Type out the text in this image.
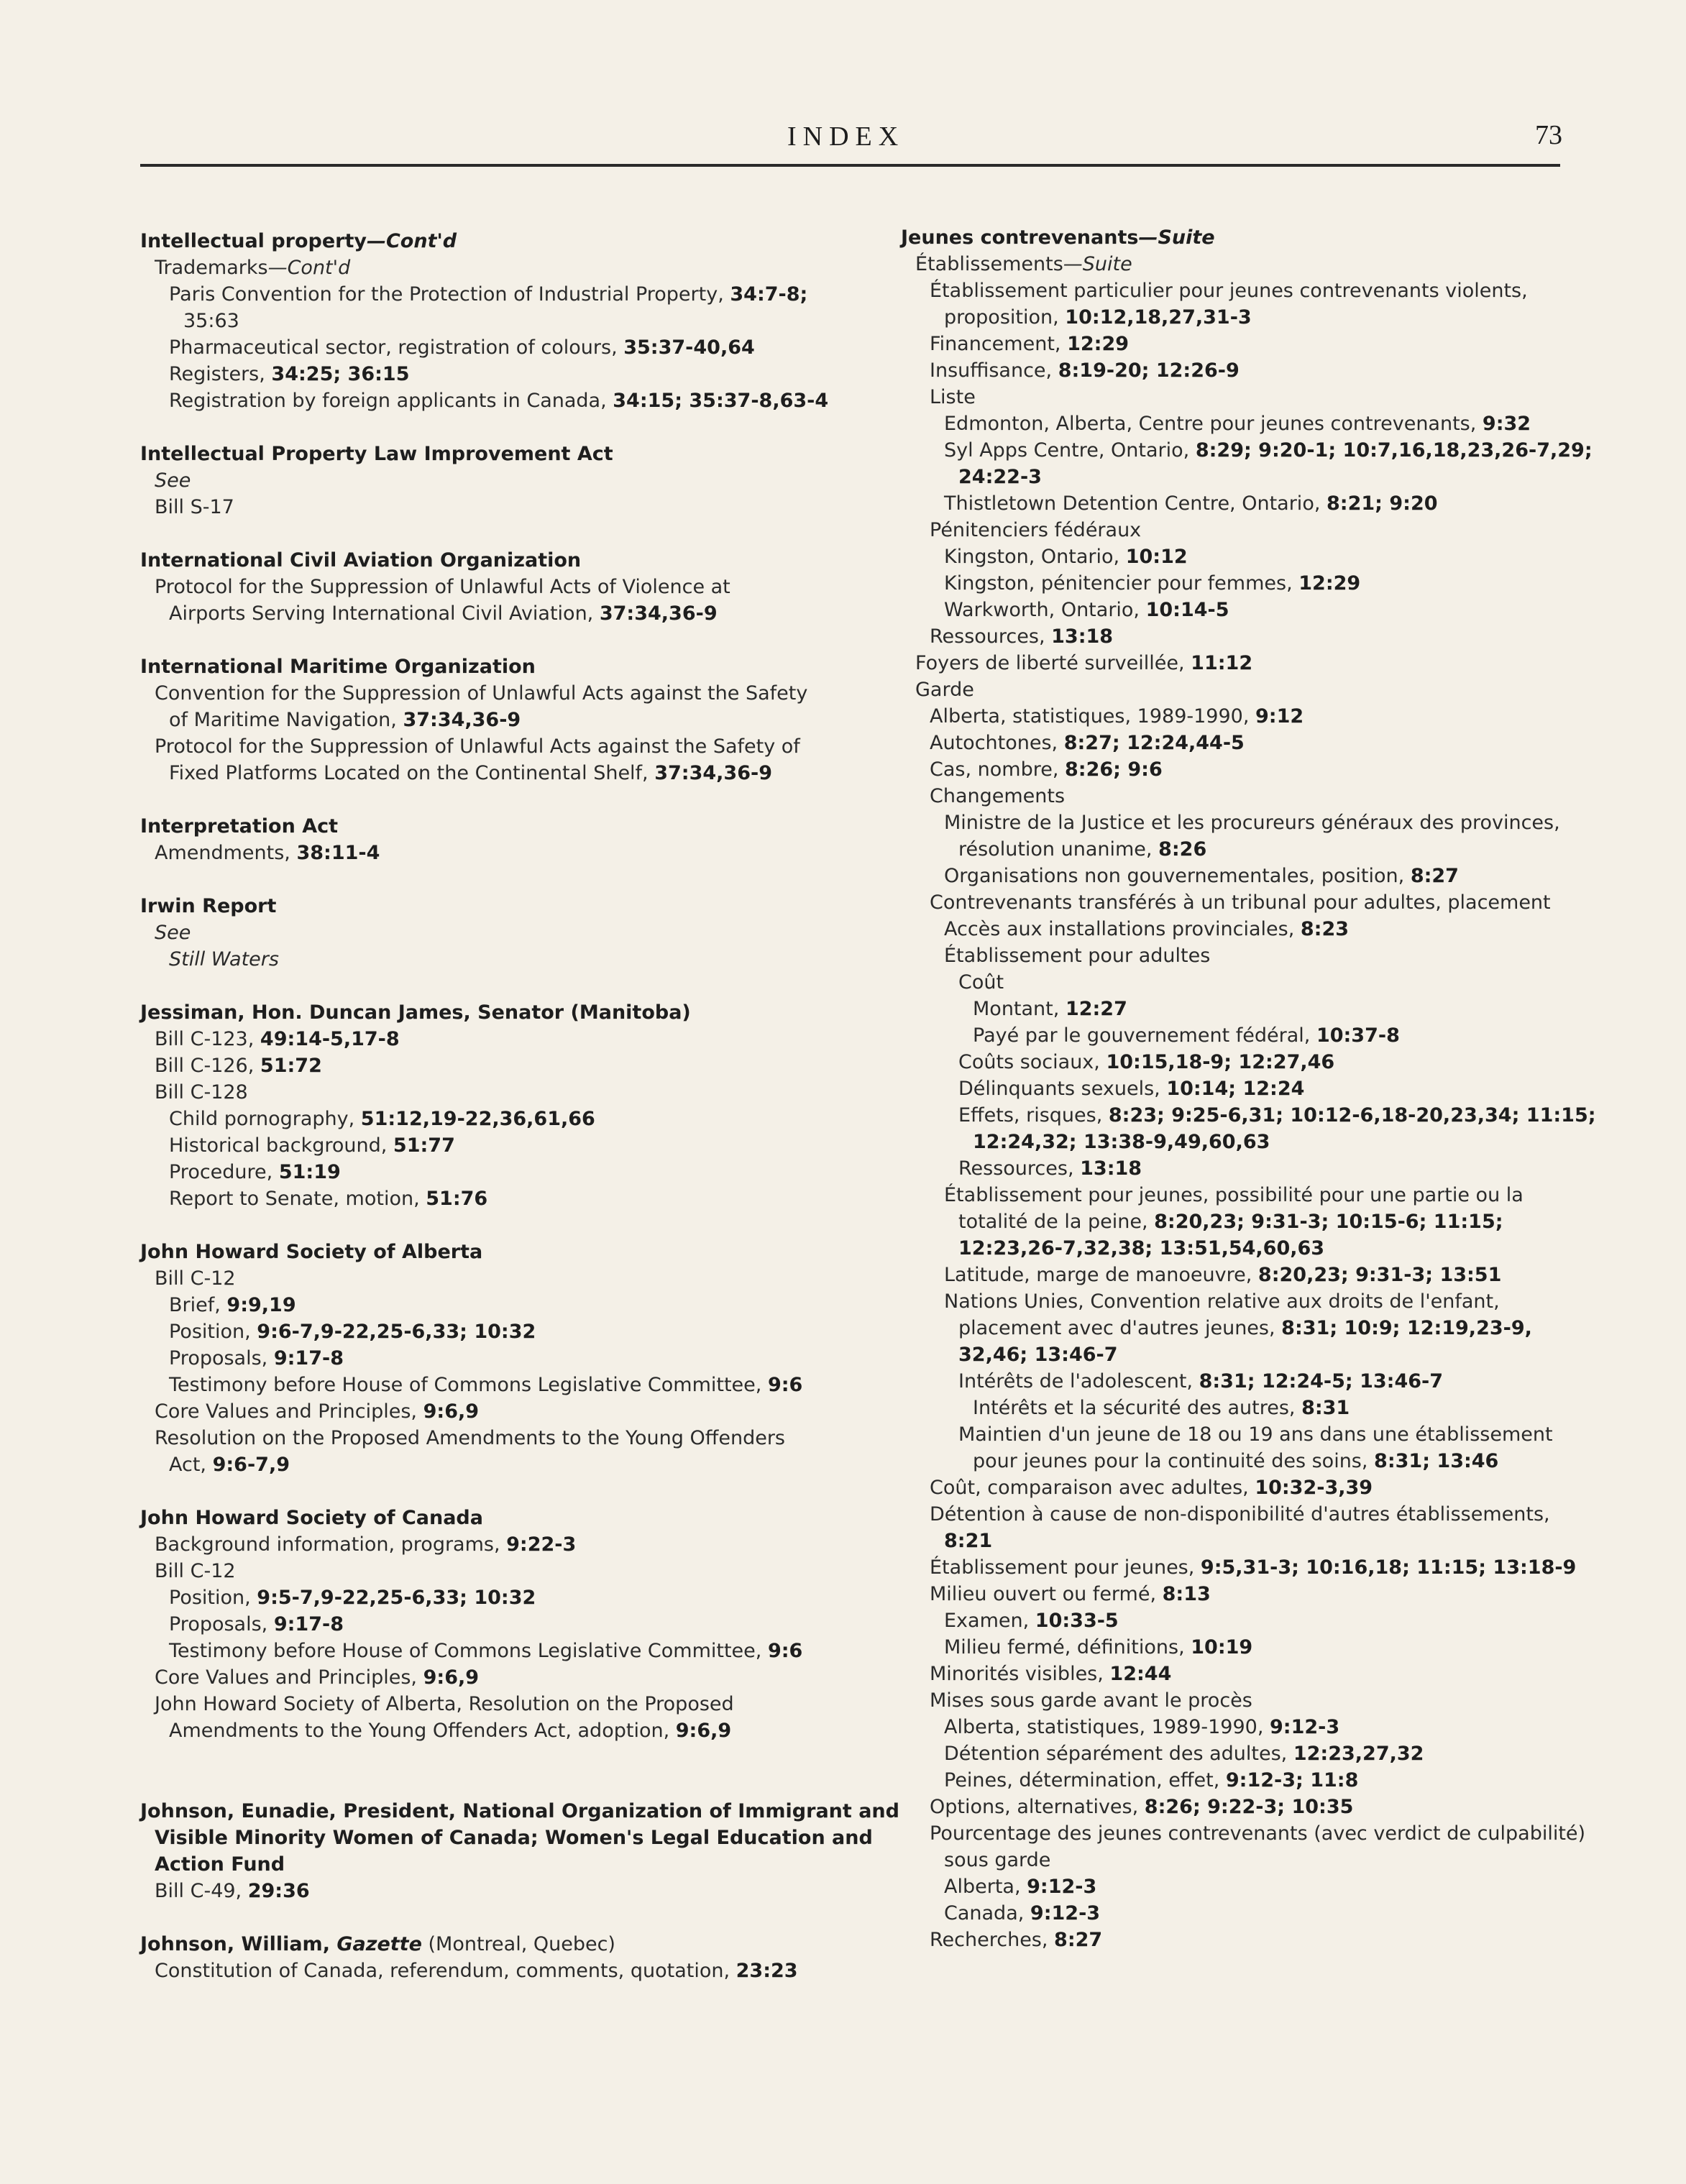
INDEX	73
Intellectual property—Cont'd
Trademarks—Cont'd
Paris Convention for the Protection of Industrial Property, 34:7-8;
35:63
Pharmaceutical sector, registration of colours, 35:37-40,64
Registers, 34:25; 36:15
Registration by foreign applicants in Canada, 34:15; 35:37-8,63-4
Intellectual Property Law Improvement Act
See
Bill S-17
International Civil Aviation Organization
Protocol for the Suppression of Unlawful Acts of Violence at
Airports Serving International Civil Aviation, 37:34,36-9
International Maritime Organization
Convention for the Suppression of Unlawful Acts against the Safety
of Maritime Navigation, 37:34,36-9
Protocol for the Suppression of Unlawful Acts against the Safety of
Fixed Platforms Located on the Continental Shelf, 37:34,36-9
Interpretation Act
Amendments, 38:11-4
Irwin Report
See
Still Waters
Jessiman, Hon. Duncan James, Senator (Manitoba)
Bill C-123, 49:14-5,17-8
Bill C-126, 51:72
Bill C-128
Child pornography, 51:12,19-22,36,61,66
Historical background, 51:77
Procedure, 51:19
Report to Senate, motion, 51:76
John Howard Society of Alberta
Bill C-12
Brief, 9:9,19
Position, 9:6-7,9-22,25-6,33; 10:32
Proposals, 9:17-8
Testimony before House of Commons Legislative Committee, 9:6
Core Values and Principles, 9:6,9
Resolution on the Proposed Amendments to the Young Offenders
Act, 9:6-7,9
John Howard Society of Canada
Background information, programs, 9:22-3
Bill C-12
Position, 9:5-7,9-22,25-6,33; 10:32
Proposals, 9:17-8
Testimony before House of Commons Legislative Committee, 9:6
Core Values and Principles, 9:6,9
John Howard Society of Alberta, Resolution on the Proposed
Amendments to the Young Offenders Act, adoption, 9:6,9
Johnson, Eunadie, President, National Organization of Immigrant and
Visible Minority Women of Canada; Women's Legal Education and
Action Fund
Bill C-49, 29:36
Johnson, William, Gazette (Montreal, Quebec)
Constitution of Canada, referendum, comments, quotation, 23:23
Jeunes contrevenants—Suite
Établissements—Suite
Établissement particulier pour jeunes contrevenants violents,
proposition, 10:12,18,27,31-3
Financement, 12:29
Insuffisance, 8:19-20; 12:26-9
Liste
Edmonton, Alberta, Centre pour jeunes contrevenants, 9:32
Syl Apps Centre, Ontario, 8:29; 9:20-1; 10:7,16,18,23,26-7,29;
24:22-3
Thistletown Detention Centre, Ontario, 8:21; 9:20
Pénitenciers fédéraux
Kingston, Ontario, 10:12
Kingston, pénitencier pour femmes, 12:29
Warkworth, Ontario, 10:14-5
Ressources, 13:18
Foyers de liberté surveillée, 11:12
Garde
Alberta, statistiques, 1989-1990, 9:12
Autochtones, 8:27; 12:24,44-5
Cas, nombre, 8:26; 9:6
Changements
Ministre de la Justice et les procureurs généraux des provinces,
résolution unanime, 8:26
Organisations non gouvernementales, position, 8:27
Contrevenants transférés à un tribunal pour adultes, placement
Accès aux installations provinciales, 8:23
Établissement pour adultes
Coût
Montant, 12:27
Payé par le gouvernement fédéral, 10:37-8
Coûts sociaux, 10:15,18-9; 12:27,46
Délinquants sexuels, 10:14; 12:24
Effets, risques, 8:23; 9:25-6,31; 10:12-6,18-20,23,34; 11:15;
12:24,32; 13:38-9,49,60,63
Ressources, 13:18
Établissement pour jeunes, possibilité pour une partie ou la
totalité de la peine, 8:20,23; 9:31-3; 10:15-6; 11:15;
12:23,26-7,32,38; 13:51,54,60,63
Latitude, marge de manoeuvre, 8:20,23; 9:31-3; 13:51
Nations Unies, Convention relative aux droits de l'enfant,
placement avec d'autres jeunes, 8:31; 10:9; 12:19,23-9,
32,46; 13:46-7
Intérêts de l'adolescent, 8:31; 12:24-5; 13:46-7
Intérêts et la sécurité des autres, 8:31
Maintien d'un jeune de 18 ou 19 ans dans une établissement
pour jeunes pour la continuité des soins, 8:31; 13:46
Coût, comparaison avec adultes, 10:32-3,39
Détention à cause de non-disponibilité d'autres établissements,
8:21
Établissement pour jeunes, 9:5,31-3; 10:16,18; 11:15; 13:18-9
Milieu ouvert ou fermé, 8:13
Examen, 10:33-5
Milieu fermé, définitions, 10:19
Minorités visibles, 12:44
Mises sous garde avant le procès
Alberta, statistiques, 1989-1990, 9:12-3
Détention séparément des adultes, 12:23,27,32
Peines, détermination, effet, 9:12-3; 11:8
Options, alternatives, 8:26; 9:22-3; 10:35
Pourcentage des jeunes contrevenants (avec verdict de culpabilité)
sous garde
Alberta, 9:12-3
Canada, 9:12-3
Recherches, 8:27
